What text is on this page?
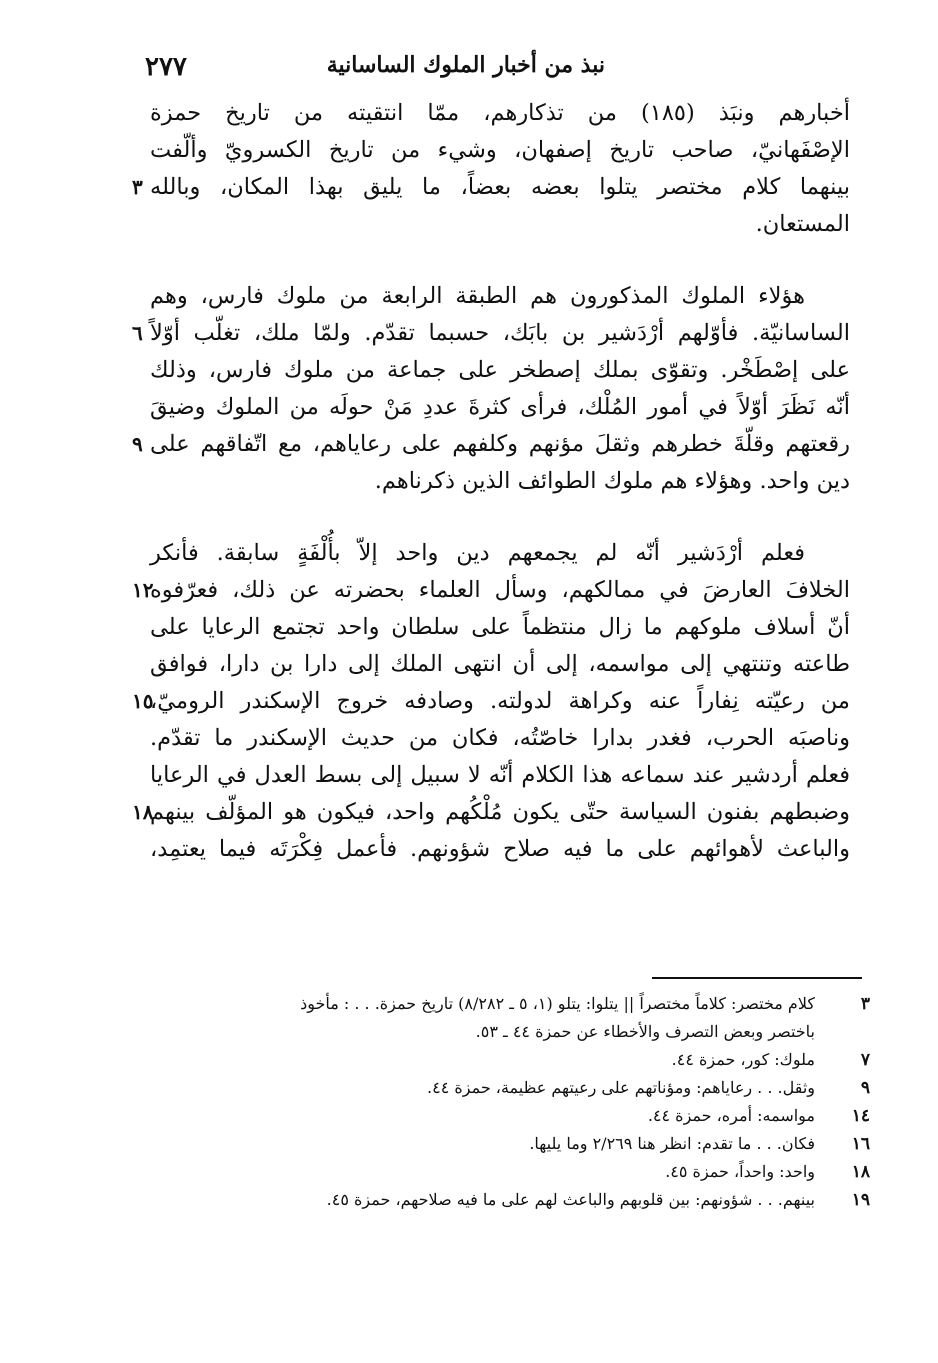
نبذ من أخبار الملوك الساسانية
٢٧٧
أخبارهم ونبَذ (١٨٥) من تذكارهم، ممّا انتقيته من تاريخ حمزة
الإصْفَهانيّ، صاحب تاريخ إصفهان، وشيء من تاريخ الكسرويّ وألّفت
بينهما كلام مختصر يتلوا بعضه بعضاً، ما يليق بهذا المكان، وبالله
٣
المستعان.
هؤلاء الملوك المذكورون هم الطبقة الرابعة من ملوك فارس، وهم
الساسانيّة. فأوّلهم أرْدَشير بن بابَك، حسبما تقدّم. ولمّا ملك، تغلّب أوّلاً
٦
على إصْطَخْر. وتقوّى بملك إصطخر على جماعة من ملوك فارس، وذلك
أنّه نَظَرَ أوّلاً في أمور المُلْك، فرأى كثرةَ عددِ مَنْ حولَه من الملوك وضيقَ
رقعتهم وقلّةَ خطرهم وثقلَ مؤنهم وكلفهم على رعاياهم، مع اتّفاقهم على
٩
دين واحد. وهؤلاء هم ملوك الطوائف الذين ذكرناهم.
فعلم أرْدَشير أنّه لم يجمعهم دين واحد إلاّ بأُلْفَةٍ سابقة. فأنكر
الخلافَ العارضَ في ممالكهم، وسأل العلماء بحضرته عن ذلك، فعرّفوه
١٢
أنّ أسلاف ملوكهم ما زال منتظماً على سلطان واحد تجتمع الرعايا على
طاعته وتنتهي إلى مواسمه، إلى أن انتهى الملك إلى دارا بن دارا، فوافق
من رعيّته نِفاراً عنه وكراهة لدولته. وصادفه خروج الإسكندر الروميّ،
١٥
وناصبَه الحرب، فغدر بدارا خاصّتُه، فكان من حديث الإسكندر ما تقدّم.
فعلم أردشير عند سماعه هذا الكلام أنّه لا سبيل إلى بسط العدل في الرعايا
وضبطهم بفنون السياسة حتّى يكون مُلْكُهم واحد، فيكون هو المؤلّف بينهم
١٨
والباعث لأهوائهم على ما فيه صلاح شؤونهم. فأعمل فِكْرَتَه فيما يعتمِد،
٣
كلام مختصر: كلاماً مختصراً || يتلوا: يتلو (١، ٥ ـ ٨/٢٨٢) تاريخ حمزة. . . : مأخوذ
باختصر وبعض التصرف والأخطاء عن حمزة ٤٤ ـ ٥٣.
٧
ملوك: كور، حمزة ٤٤.
٩
وثقل. . . رعاياهم: ومؤناتهم على رعيتهم عظيمة، حمزة ٤٤.
١٤
مواسمه: أمره، حمزة ٤٤.
١٦
فكان. . . ما تقدم: انظر هنا ٢/٢٦٩ وما يليها.
١٨
واحد: واحداً، حمزة ٤٥.
١٩
بينهم. . . شؤونهم: بين قلوبهم والباعث لهم على ما فيه صلاحهم، حمزة ٤٥.
